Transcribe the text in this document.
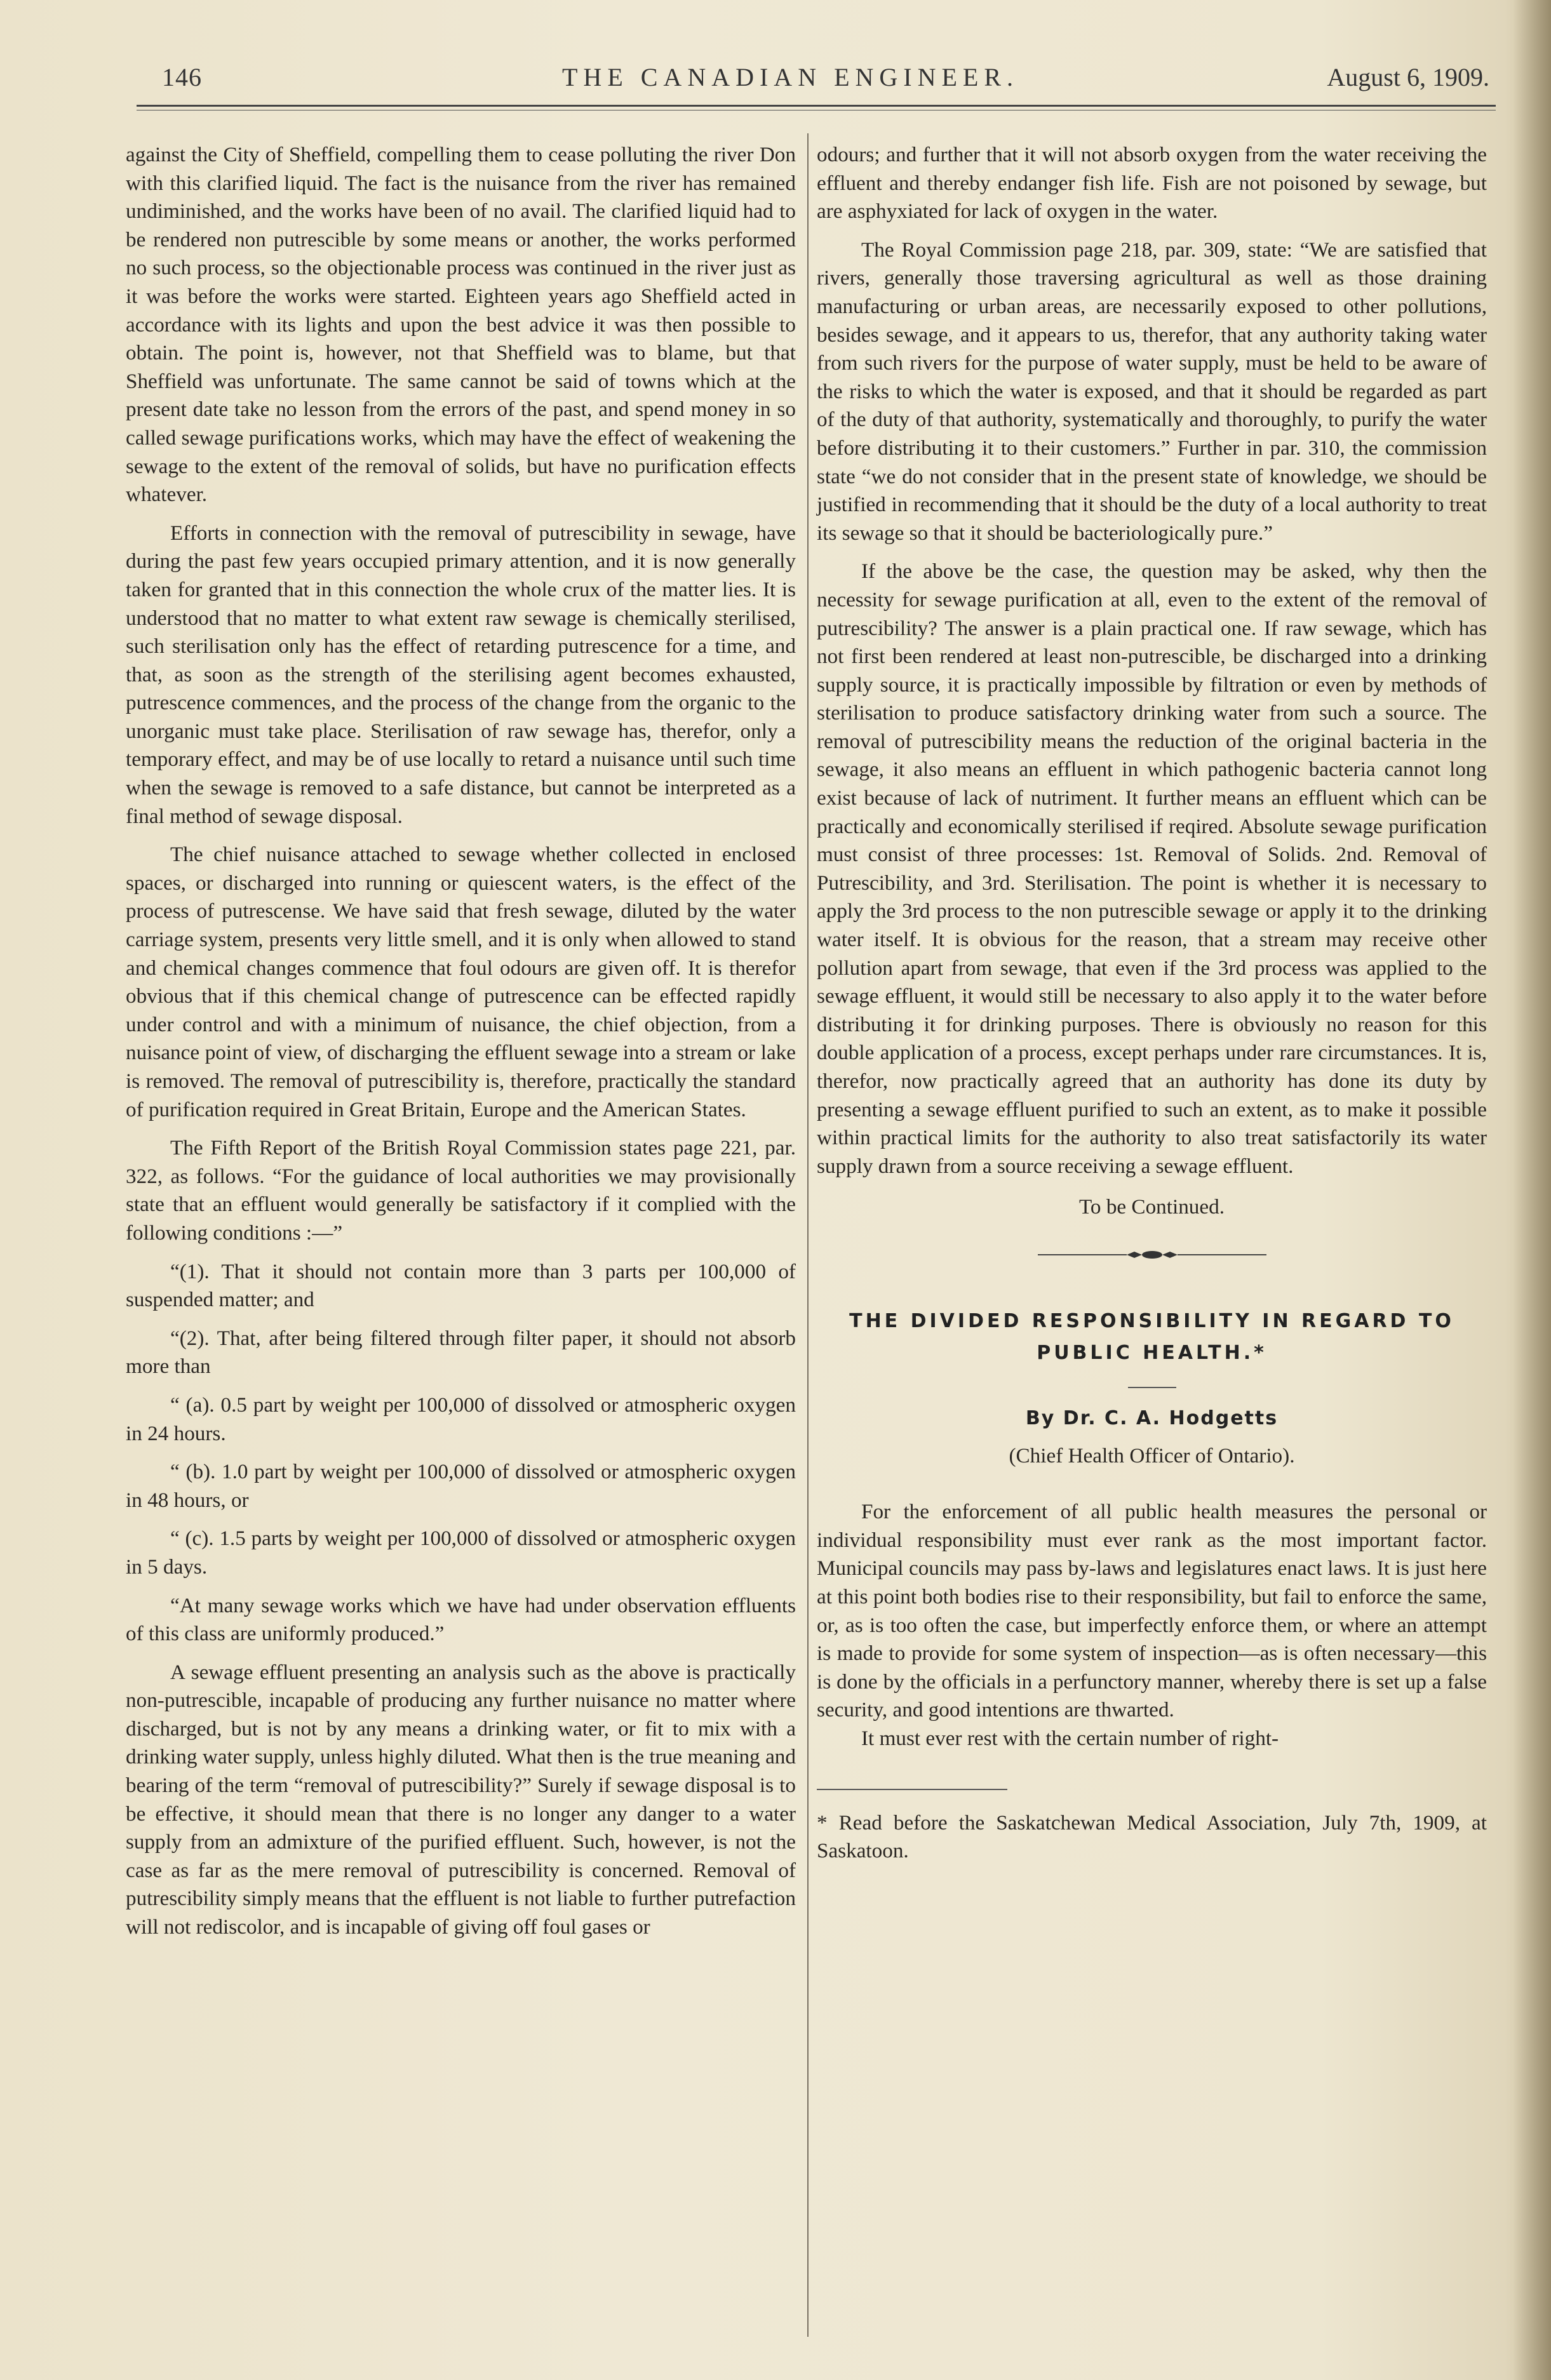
146	THE CANADIAN ENGINEER.	August 6, 1909.

against the City of Sheffield, compelling them to cease polluting the river Don with this clarified liquid. The fact is the nuisance from the river has remained undiminished, and the works have been of no avail. The clarified liquid had to be rendered non putrescible by some means or another, the works performed no such process, so the objectionable process was continued in the river just as it was before the works were started. Eighteen years ago Sheffield acted in accordance with its lights and upon the best advice it was then possible to obtain. The point is, however, not that Sheffield was to blame, but that Sheffield was unfortunate. The same cannot be said of towns which at the present date take no lesson from the errors of the past, and spend money in so called sewage purifications works, which may have the effect of weakening the sewage to the extent of the removal of solids, but have no purification effects whatever.

Efforts in connection with the removal of putrescibility in sewage, have during the past few years occupied primary attention, and it is now generally taken for granted that in this connection the whole crux of the matter lies. It is understood that no matter to what extent raw sewage is chemically sterilised, such sterilisation only has the effect of retarding putrescence for a time, and that, as soon as the strength of the sterilising agent becomes exhausted, putrescence commences, and the process of the change from the organic to the unorganic must take place. Sterilisation of raw sewage has, therefor, only a temporary effect, and may be of use locally to retard a nuisance until such time when the sewage is removed to a safe distance, but cannot be interpreted as a final method of sewage disposal.

The chief nuisance attached to sewage whether collected in enclosed spaces, or discharged into running or quiescent waters, is the effect of the process of putrescense. We have said that fresh sewage, diluted by the water carriage system, presents very little smell, and it is only when allowed to stand and chemical changes commence that foul odours are given off. It is therefor obvious that if this chemical change of putrescence can be effected rapidly under control and with a minimum of nuisance, the chief objection, from a nuisance point of view, of discharging the effluent sewage into a stream or lake is removed. The removal of putrescibility is, therefore, practically the standard of purification required in Great Britain, Europe and the American States.

The Fifth Report of the British Royal Commission states page 221, par. 322, as follows. “For the guidance of local authorities we may provisionally state that an effluent would generally be satisfactory if it complied with the following conditions :—”

“(1). That it should not contain more than 3 parts per 100,000 of suspended matter; and

“(2). That, after being filtered through filter paper, it should not absorb more than

“ (a). 0.5 part by weight per 100,000 of dissolved or atmospheric oxygen in 24 hours.

“ (b). 1.0 part by weight per 100,000 of dissolved or atmospheric oxygen in 48 hours, or

“ (c). 1.5 parts by weight per 100,000 of dissolved or atmospheric oxygen in 5 days.

“At many sewage works which we have had under observation effluents of this class are uniformly produced.”

A sewage effluent presenting an analysis such as the above is practically non-putrescible, incapable of producing any further nuisance no matter where discharged, but is not by any means a drinking water, or fit to mix with a drinking water supply, unless highly diluted. What then is the true meaning and bearing of the term “removal of putrescibility?” Surely if sewage disposal is to be effective, it should mean that there is no longer any danger to a water supply from an admixture of the purified effluent. Such, however, is not the case as far as the mere removal of putrescibility is concerned. Removal of putrescibility simply means that the effluent is not liable to further putrefaction will not rediscolor, and is incapable of giving off foul gases or

odours; and further that it will not absorb oxygen from the water receiving the effluent and thereby endanger fish life. Fish are not poisoned by sewage, but are asphyxiated for lack of oxygen in the water.

The Royal Commission page 218, par. 309, state: “We are satisfied that rivers, generally those traversing agricultural as well as those draining manufacturing or urban areas, are necessarily exposed to other pollutions, besides sewage, and it appears to us, therefor, that any authority taking water from such rivers for the purpose of water supply, must be held to be aware of the risks to which the water is exposed, and that it should be regarded as part of the duty of that authority, systematically and thoroughly, to purify the water before distributing it to their customers.” Further in par. 310, the commission state “we do not consider that in the present state of knowledge, we should be justified in recommending that it should be the duty of a local authority to treat its sewage so that it should be bacteriologically pure.”

If the above be the case, the question may be asked, why then the necessity for sewage purification at all, even to the extent of the removal of putrescibility? The answer is a plain practical one. If raw sewage, which has not first been rendered at least non-putrescible, be discharged into a drinking supply source, it is practically impossible by filtration or even by methods of sterilisation to produce satisfactory drinking water from such a source. The removal of putrescibility means the reduction of the original bacteria in the sewage, it also means an effluent in which pathogenic bacteria cannot long exist because of lack of nutriment. It further means an effluent which can be practically and economically sterilised if reqired. Absolute sewage purification must consist of three processes: 1st. Removal of Solids. 2nd. Removal of Putrescibility, and 3rd. Sterilisation. The point is whether it is necessary to apply the 3rd process to the non putrescible sewage or apply it to the drinking water itself. It is obvious for the reason, that a stream may receive other pollution apart from sewage, that even if the 3rd process was applied to the sewage effluent, it would still be necessary to also apply it to the water before distributing it for drinking purposes. There is obviously no reason for this double application of a process, except perhaps under rare circumstances. It is, therefor, now practically agreed that an authority has done its duty by presenting a sewage effluent purified to such an extent, as to make it possible within practical limits for the authority to also treat satisfactorily its water supply drawn from a source receiving a sewage effluent.

To be Continued.

THE DIVIDED RESPONSIBILITY IN REGARD TO
PUBLIC HEALTH.*
By Dr. C. A. Hodgetts
(Chief Health Officer of Ontario).

For the enforcement of all public health measures the personal or individual responsibility must ever rank as the most important factor. Municipal councils may pass by-laws and legislatures enact laws. It is just here at this point both bodies rise to their responsibility, but fail to enforce the same, or, as is too often the case, but imperfectly enforce them, or where an attempt is made to provide for some system of inspection—as is often necessary—this is done by the officials in a perfunctory manner, whereby there is set up a false security, and good intentions are thwarted.

It must ever rest with the certain number of right-

* Read before the Saskatchewan Medical Association, July 7th, 1909, at Saskatoon.
